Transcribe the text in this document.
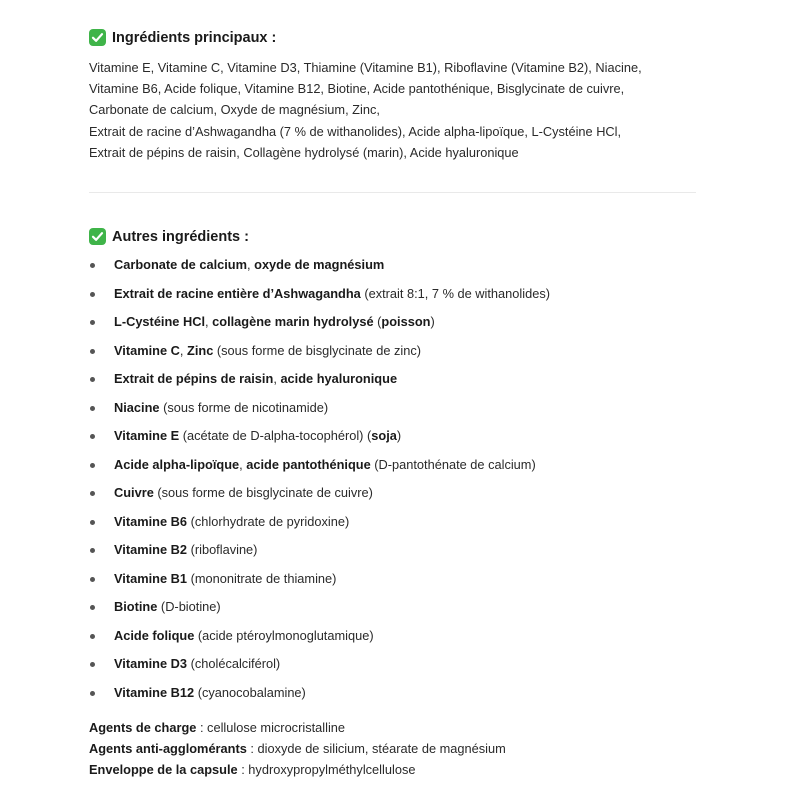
Ingrédients principaux :
Vitamine E, Vitamine C, Vitamine D3, Thiamine (Vitamine B1), Riboflavine (Vitamine B2), Niacine,
Vitamine B6, Acide folique, Vitamine B12, Biotine, Acide pantothénique, Bisglycinate de cuivre,
Carbonate de calcium, Oxyde de magnésium, Zinc,
Extrait de racine d’Ashwagandha (7 % de withanolides), Acide alpha-lipoïque, L-Cystéine HCl,
Extrait de pépins de raisin, Collagène hydrolysé (marin), Acide hyaluronique
Autres ingrédients :
Carbonate de calcium, oxyde de magnésium
Extrait de racine entière d’Ashwagandha (extrait 8:1, 7 % de withanolides)
L-Cystéine HCl, collagène marin hydrolysé (poisson)
Vitamine C, Zinc (sous forme de bisglycinate de zinc)
Extrait de pépins de raisin, acide hyaluronique
Niacine (sous forme de nicotinamide)
Vitamine E (acétate de D-alpha-tocophérol) (soja)
Acide alpha-lipoïque, acide pantothénique (D-pantothénate de calcium)
Cuivre (sous forme de bisglycinate de cuivre)
Vitamine B6 (chlorhydrate de pyridoxine)
Vitamine B2 (riboflavine)
Vitamine B1 (mononitrate de thiamine)
Biotine (D-biotine)
Acide folique (acide ptéroylmonoglutamique)
Vitamine D3 (cholécalciférol)
Vitamine B12 (cyanocobalamine)
Agents de charge : cellulose microcristalline
Agents anti-agglomérants : dioxyde de silicium, stéarate de magnésium
Enveloppe de la capsule : hydroxypropylméthylcellulose
